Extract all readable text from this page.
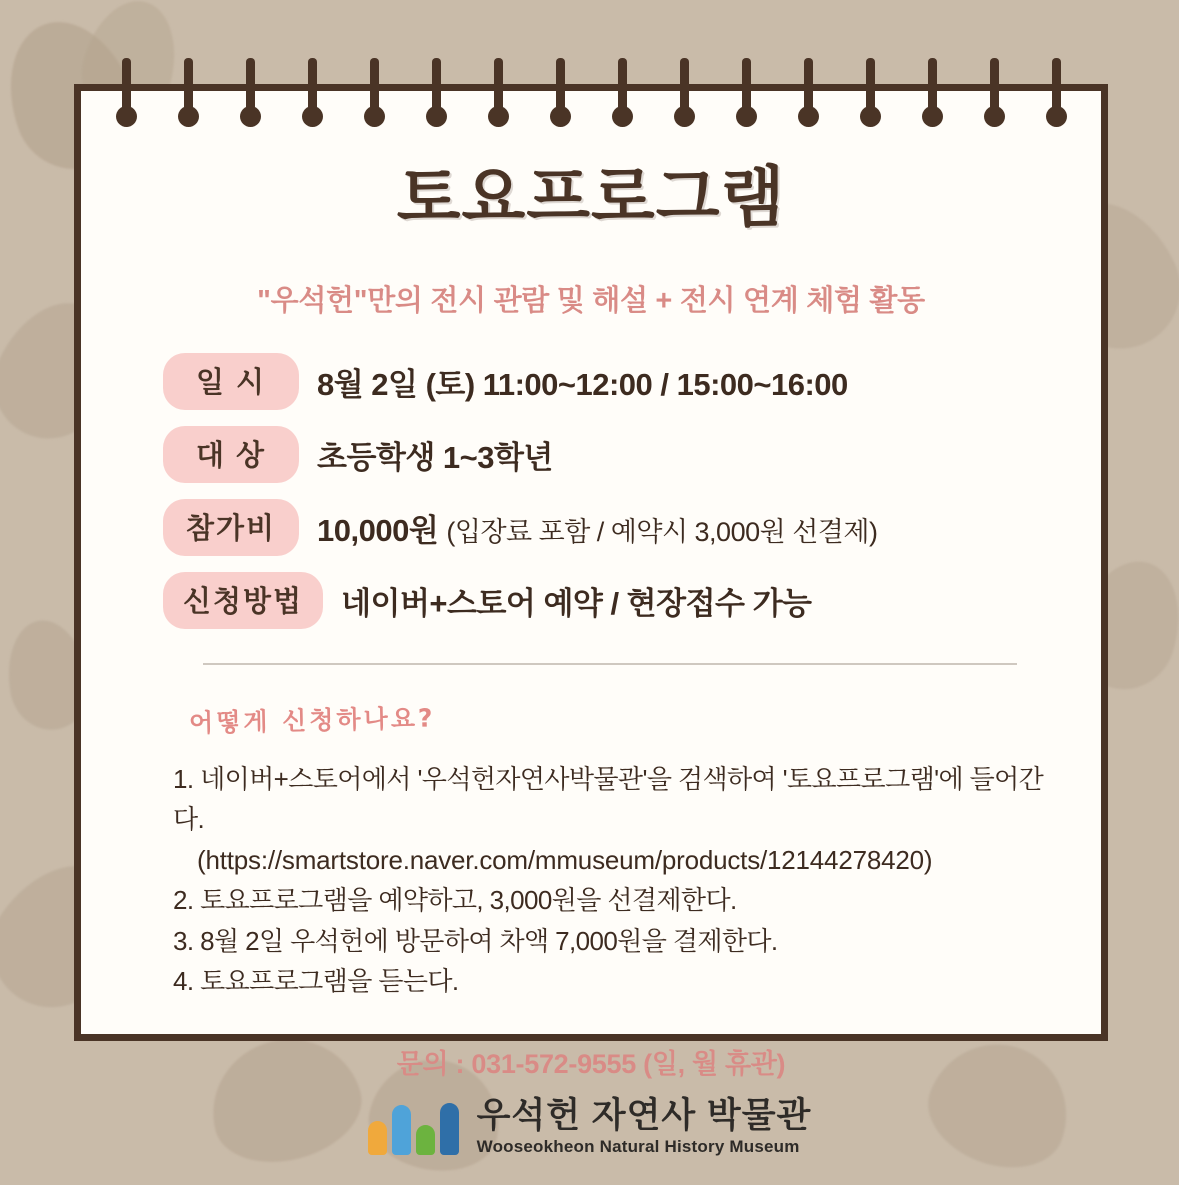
토요프로그램
"우석헌"만의 전시 관람 및 해설 + 전시 연계 체험 활동
일 시	8월 2일 (토) 11:00~12:00 / 15:00~16:00
대 상	초등학생 1~3학년
참가비	10,000원 (입장료 포함 / 예약시 3,000원 선결제)
신청방법	네이버+스토어 예약 / 현장접수 가능
어떻게 신청하나요?
1. 네이버+스토어에서 '우석헌자연사박물관'을 검색하여 '토요프로그램'에 들어간다.
(https://smartstore.naver.com/mmuseum/products/12144278420)
2. 토요프로그램을 예약하고, 3,000원을 선결제한다.
3. 8월 2일 우석헌에 방문하여 차액 7,000원을 결제한다.
4. 토요프로그램을 듣는다.
문의 : 031-572-9555 (일, 월 휴관)
우석헌 자연사 박물관
Wooseokheon Natural History Museum
